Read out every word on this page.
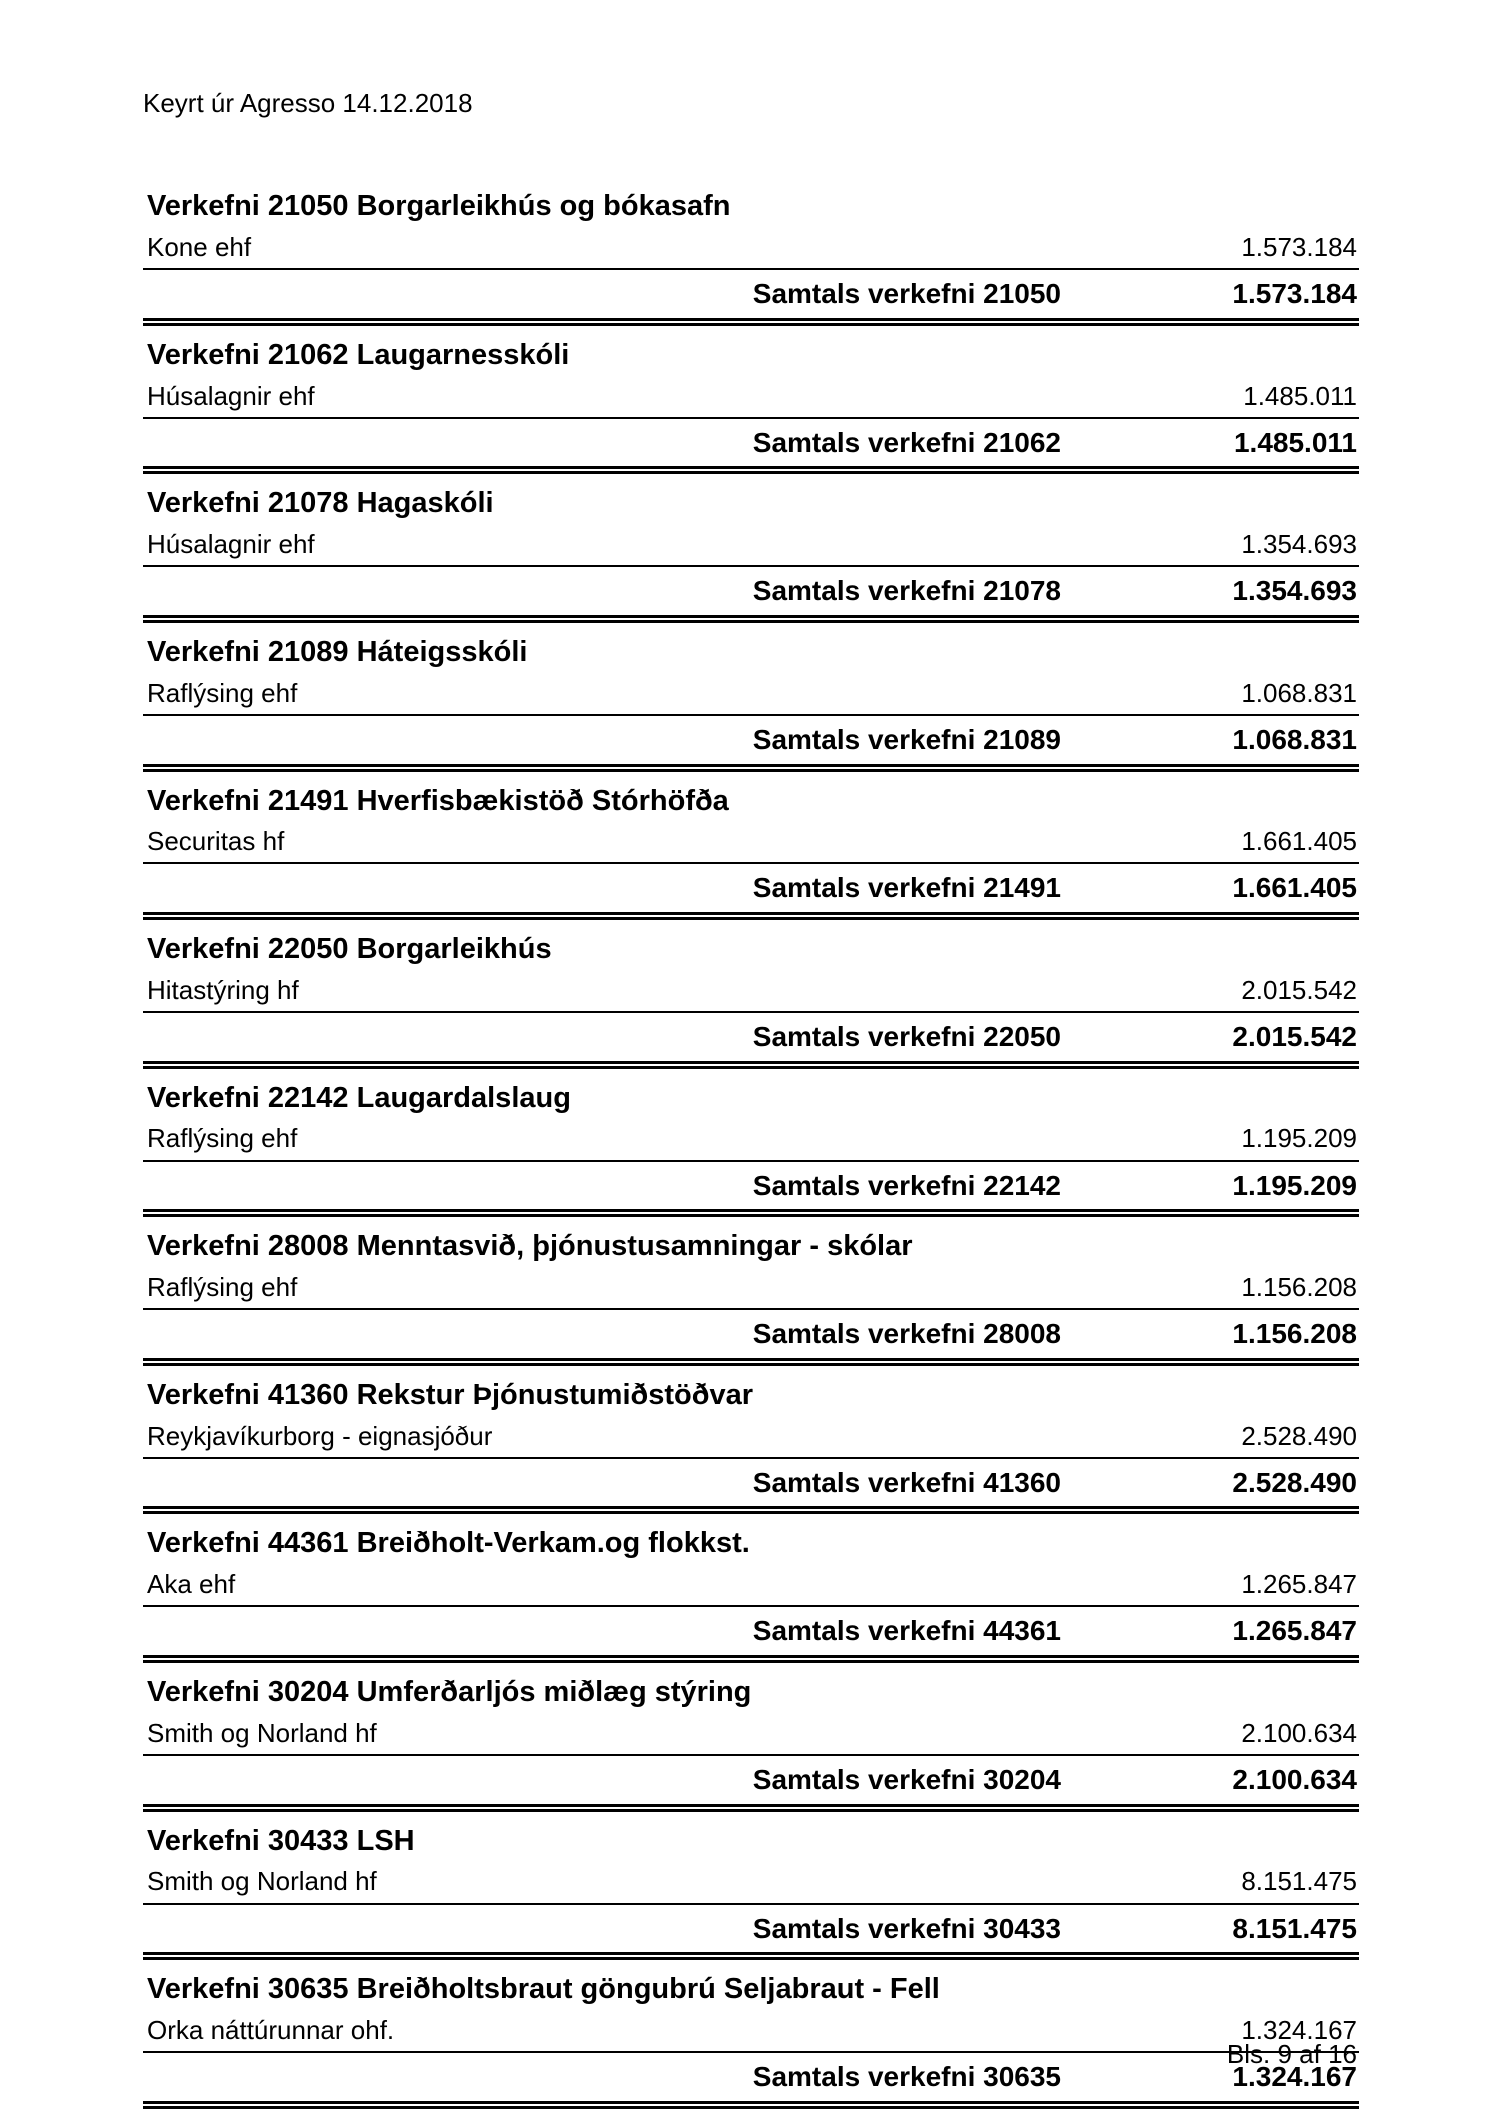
Keyrt úr Agresso 14.12.2018
Verkefni 21050 Borgarleikhús og bókasafn
Kone ehf	1.573.184
Samtals verkefni 21050	1.573.184
Verkefni 21062 Laugarnesskóli
Húsalagnir ehf	1.485.011
Samtals verkefni 21062	1.485.011
Verkefni 21078 Hagaskóli
Húsalagnir ehf	1.354.693
Samtals verkefni 21078	1.354.693
Verkefni 21089 Háteigsskóli
Raflýsing ehf	1.068.831
Samtals verkefni 21089	1.068.831
Verkefni 21491 Hverfisbækistöð Stórhöfða
Securitas hf	1.661.405
Samtals verkefni 21491	1.661.405
Verkefni 22050 Borgarleikhús
Hitastýring hf	2.015.542
Samtals verkefni 22050	2.015.542
Verkefni 22142 Laugardalslaug
Raflýsing ehf	1.195.209
Samtals verkefni 22142	1.195.209
Verkefni 28008 Menntasvið, þjónustusamningar - skólar
Raflýsing ehf	1.156.208
Samtals verkefni 28008	1.156.208
Verkefni 41360 Rekstur Þjónustumiðstöðvar
Reykjavíkurborg - eignasjóður	2.528.490
Samtals verkefni 41360	2.528.490
Verkefni 44361 Breiðholt-Verkam.og flokkst.
Aka ehf	1.265.847
Samtals verkefni 44361	1.265.847
Verkefni 30204 Umferðarljós miðlæg stýring
Smith og Norland hf	2.100.634
Samtals verkefni 30204	2.100.634
Verkefni 30433 LSH
Smith og Norland hf	8.151.475
Samtals verkefni 30433	8.151.475
Verkefni 30635 Breiðholtsbraut göngubrú Seljabraut - Fell
Orka náttúrunnar ohf.	1.324.167
Samtals verkefni 30635	1.324.167
Bls. 9 af 16
